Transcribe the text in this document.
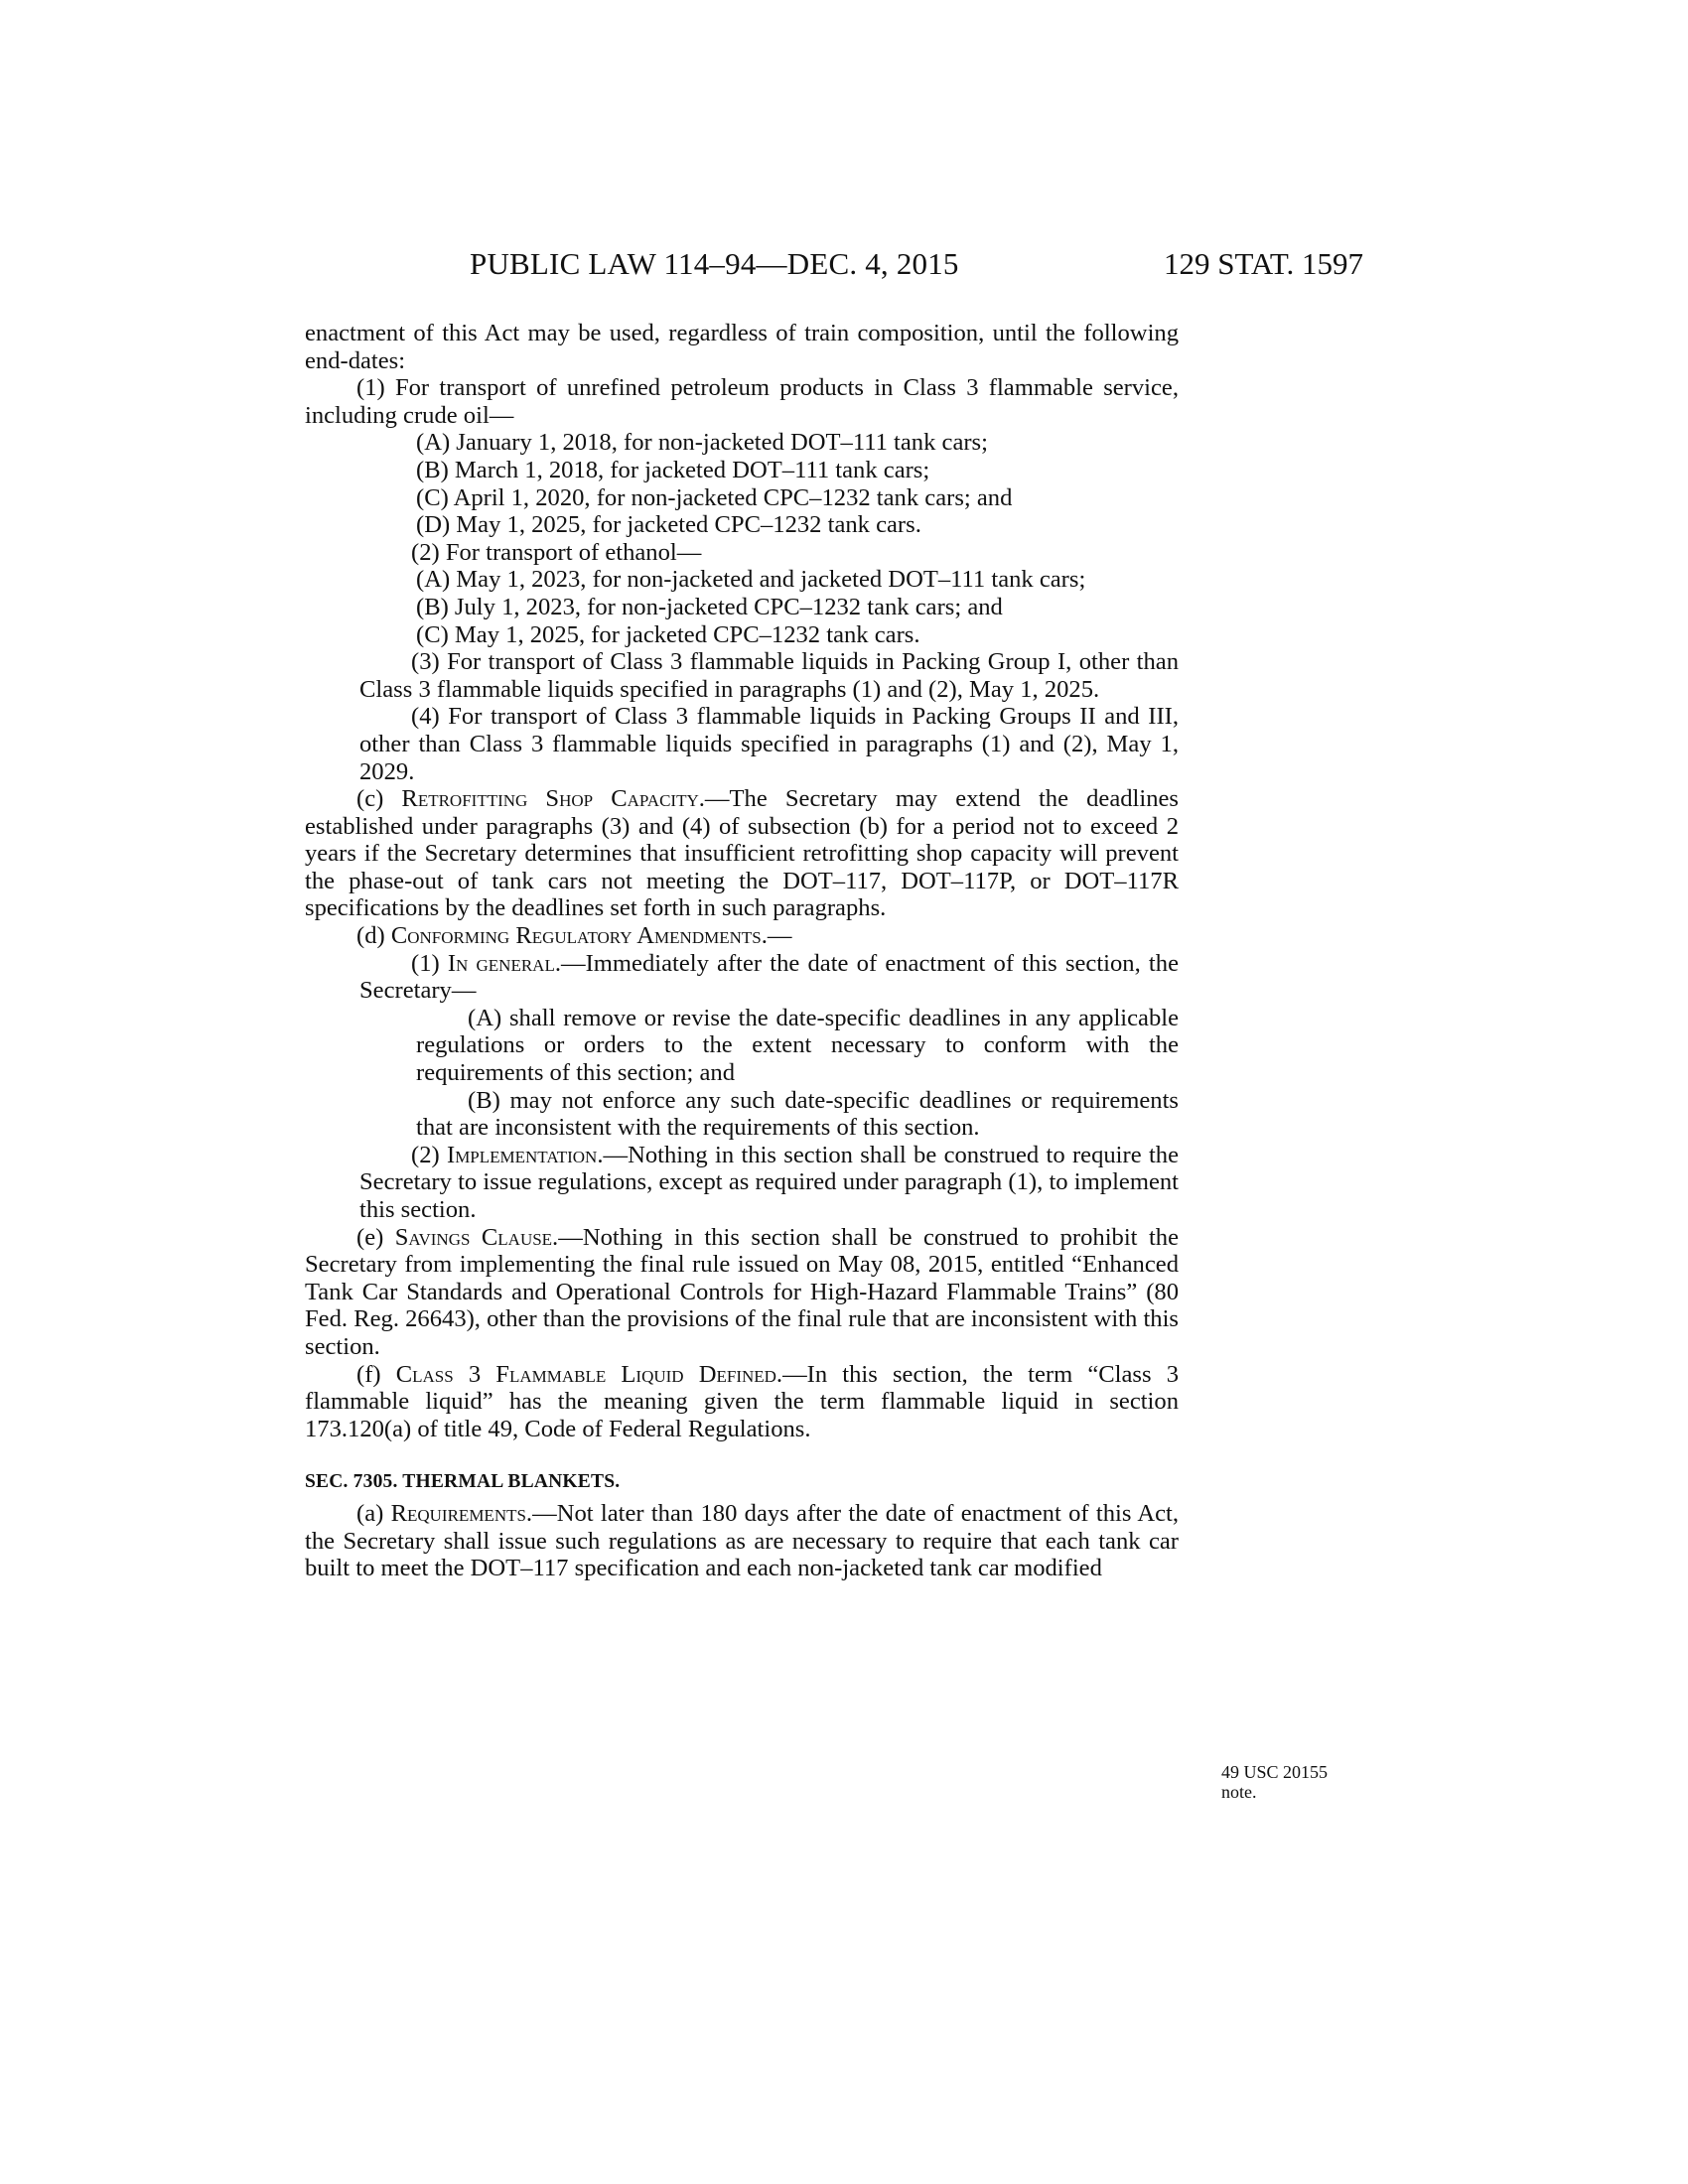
PUBLIC LAW 114–94—DEC. 4, 2015	129 STAT. 1597

enactment of this Act may be used, regardless of train composition, until the following end-dates:

(1) For transport of unrefined petroleum products in Class 3 flammable service, including crude oil—

(A) January 1, 2018, for non-jacketed DOT–111 tank cars;

(B) March 1, 2018, for jacketed DOT–111 tank cars;

(C) April 1, 2020, for non-jacketed CPC–1232 tank cars; and

(D) May 1, 2025, for jacketed CPC–1232 tank cars.

(2) For transport of ethanol—

(A) May 1, 2023, for non-jacketed and jacketed DOT–111 tank cars;

(B) July 1, 2023, for non-jacketed CPC–1232 tank cars; and

(C) May 1, 2025, for jacketed CPC–1232 tank cars.

(3) For transport of Class 3 flammable liquids in Packing Group I, other than Class 3 flammable liquids specified in paragraphs (1) and (2), May 1, 2025.

(4) For transport of Class 3 flammable liquids in Packing Groups II and III, other than Class 3 flammable liquids specified in paragraphs (1) and (2), May 1, 2029.

(c) Retrofitting Shop Capacity.—The Secretary may extend the deadlines established under paragraphs (3) and (4) of subsection (b) for a period not to exceed 2 years if the Secretary determines that insufficient retrofitting shop capacity will prevent the phase-out of tank cars not meeting the DOT–117, DOT–117P, or DOT–117R specifications by the deadlines set forth in such paragraphs.

(d) Conforming Regulatory Amendments.—

(1) In general.—Immediately after the date of enactment of this section, the Secretary—

(A) shall remove or revise the date-specific deadlines in any applicable regulations or orders to the extent necessary to conform with the requirements of this section; and

(B) may not enforce any such date-specific deadlines or requirements that are inconsistent with the requirements of this section.

(2) Implementation.—Nothing in this section shall be construed to require the Secretary to issue regulations, except as required under paragraph (1), to implement this section.

(e) Savings Clause.—Nothing in this section shall be construed to prohibit the Secretary from implementing the final rule issued on May 08, 2015, entitled “Enhanced Tank Car Standards and Operational Controls for High-Hazard Flammable Trains” (80 Fed. Reg. 26643), other than the provisions of the final rule that are inconsistent with this section.

(f) Class 3 Flammable Liquid Defined.—In this section, the term “Class 3 flammable liquid” has the meaning given the term flammable liquid in section 173.120(a) of title 49, Code of Federal Regulations.

SEC. 7305. THERMAL BLANKETS.

(a) Requirements.—Not later than 180 days after the date of enactment of this Act, the Secretary shall issue such regulations as are necessary to require that each tank car built to meet the DOT–117 specification and each non-jacketed tank car modified

49 USC 20155 note.
